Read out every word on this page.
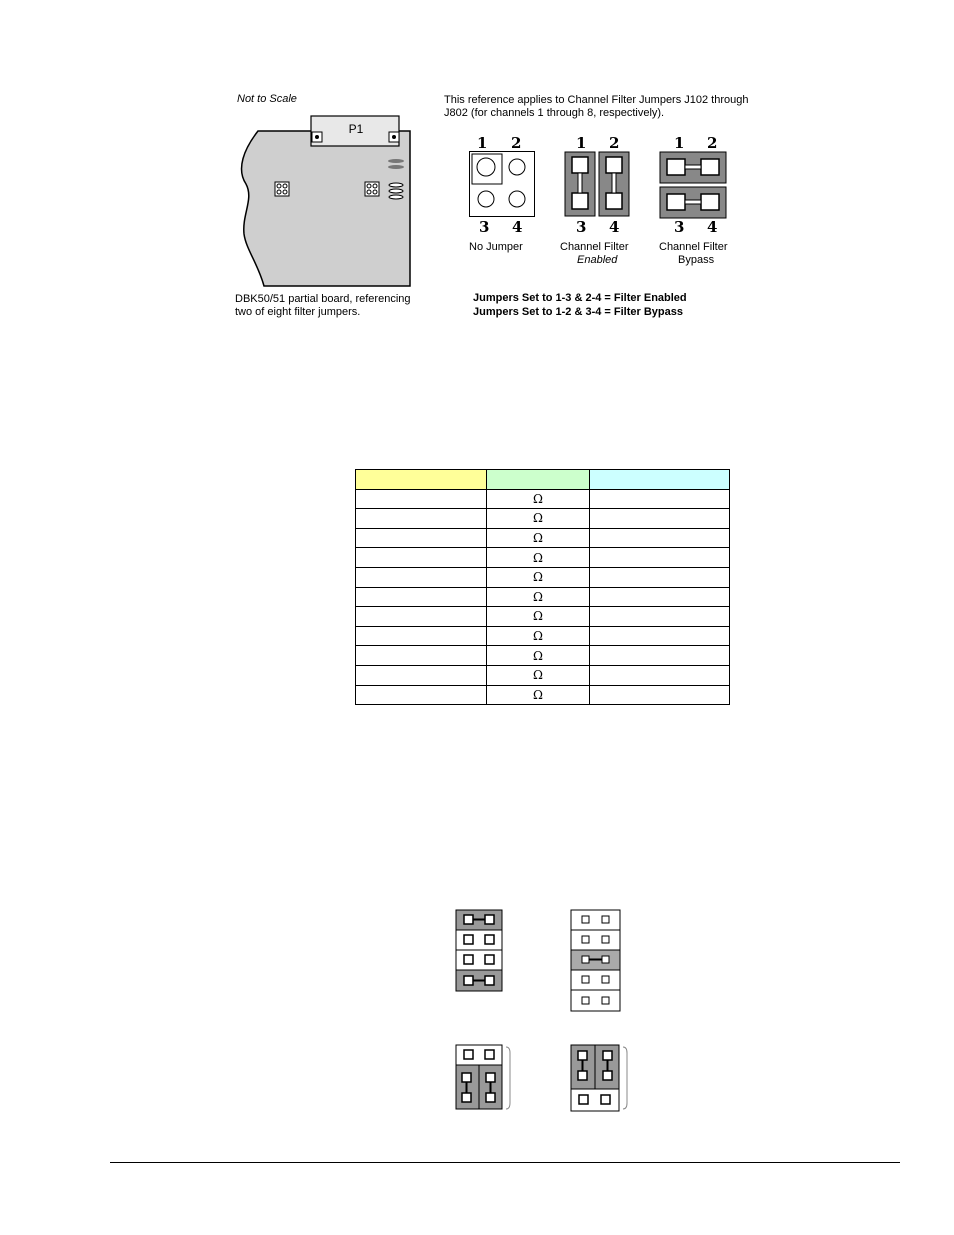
Not to Scale
P1
DBK50/51 partial board, referencing
two of eight filter jumpers.
This reference applies to Channel Filter Jumpers J102 through
J802 (for channels 1 through 8, respectively).
1 2
3 4
No Jumper
1 2
3 4
Channel Filter
Enabled
1 2
3 4
Channel Filter
Bypass
Jumpers Set to 1-3 & 2-4 = Filter Enabled
Jumpers Set to 1-2 & 3-4 = Filter Bypass

	Ω	
	Ω	
	Ω	
	Ω	
	Ω	
	Ω	
	Ω	
	Ω	
	Ω	
	Ω	
	Ω	
